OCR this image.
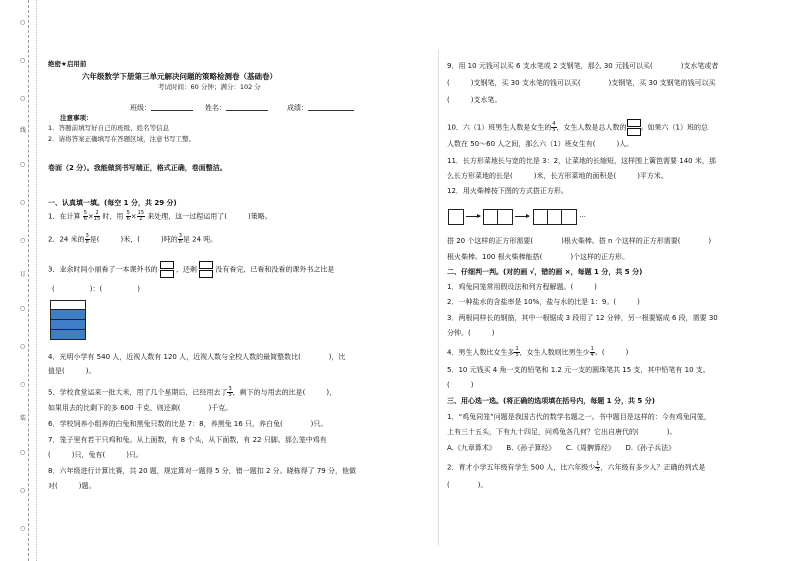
○
○
○
线
○
○
○
订
○
○
○
装
○
○
○
绝密★启用前
六年级数学下册第三单元解决问题的策略检测卷（基础卷）
考试时间：60 分钟；满分：102 分
班级：	姓名：	成绩：
注意事项：
1．答题前填写好自己的班级、姓名等信息
2．请将答案正确填写在答题区域，注意书写工整。
卷面（2 分）。我能做到书写端正，格式正确，卷面整洁。
一、认真填一填。(每空 1 分，共 29 分)
1．在计算 $\frac{5}{6} \times \frac{2}{15}$ 时，用 $\frac{5}{6} \times \frac{15}{2}$ 来处理，这一过程运用了(　　　)策略。
2．24 米的 $\frac{3}{8}$ 是(　　　)米，(　　　)吨的 $\frac{3}{8}$ 是 24 吨。
3．业余时间小丽看了一本课外书的	，还剩	没有看完，已看和没看的课外书之比是
(　　　　　)：(　　　　　)
4．光明小学有 540 人，近视人数有 120 人，近视人数与全校人数的最简整数比(　　　　)，比
值是(　　　)。
5．学校食堂运来一批大米，用了几个星期后，已经用去了 $\frac{3}{5}$ ，剩下的与用去的比是(　　　)，
如果用去的比剩下的多 600 千克，则还剩(　　　　)千克。
6．学校饲养小组养的白兔和黑兔只数的比是 7：8，养黑兔 16 只，养白兔(　　　　)只。
7．笼子里有若干只鸡和兔。从上面数，有 8 个头，从下面数，有 22 只脚。那么笼中鸡有
(　　　)只，兔有(　　　)只。
8．六年级进行计算比赛，共 20 题，规定算对一题得 5 分，错一题扣 2 分。晓栋得了 79 分，他做
对(　　　)题。
9．用 10 元钱可以买 6 支水笔或 2 支钢笔，那么 30 元钱可以买(　　　　)支水笔或者
(　　　)支钢笔，买 30 支水笔的钱可以买(　　　　)支钢笔，买 30 支钢笔的钱可以买
(　　　)支水笔。
10．六（1）班男生人数是女生的 $\frac{4}{5}$ ，女生人数是总人数的 。如果六（1）班的总
人数在 50～60 人之间，那么六（1）班女生有(　　　)人。
11．长方形菜地长与宽的比是 3：2，让菜地的长缩短，这样围上篱笆需要 140 米，那
么长方形菜地的长是(　　　)米，长方形菜地的面积是(　　　)平方米。
12．用火柴棒按下图的方式搭正方形。
…
搭 20 个这样的正方形需要(　　　　)根火柴棒。搭 n 个这样的正方形需要(　　　　)
根火柴棒。100 根火柴棒能搭(　　　　)个这样的正方形。
二、仔细判一判。(对的画 √，错的画 ×，每题 1 分，共 5 分)
1．鸡兔同笼常用假设法和列方程解题。(　　　)
2．一种盐水的含盐率是 10%，盐与水的比是 1：9。(　　　)
3．两根同样长的钢筋，其中一根锯成 3 段用了 12 分钟，另一根要锯成 6 段，需要 30
分钟。(　　　)
4．男生人数比女生多 $\frac{1}{5}$ ，女生人数则比男生少 $\frac{1}{4}$ 。(　　　)
5．10 元钱买 4 角一支的铅笔和 1.2 元一支的圆珠笔共 15 支，其中铅笔有 10 支。
(　　　)
三、用心选一选。(将正确的选项填在括号内，每题 1 分，共 5 分)
1．“鸡兔同笼”问题是我国古代的数学名题之一。书中题目是这样的：今有鸡兔同笼，
上有三十五头，下有九十四足，问鸡兔各几何？它出自唐代的(　　　　)。
A.《九章算术》　　B.《孙子算经》　　C.《周髀算经》　　D.《孙子兵法》
2．育才小学五年级有学生 500 人，比六年级少 $\frac{1}{5}$ ，六年级有多少人？正确的列式是
(　　　　)。
